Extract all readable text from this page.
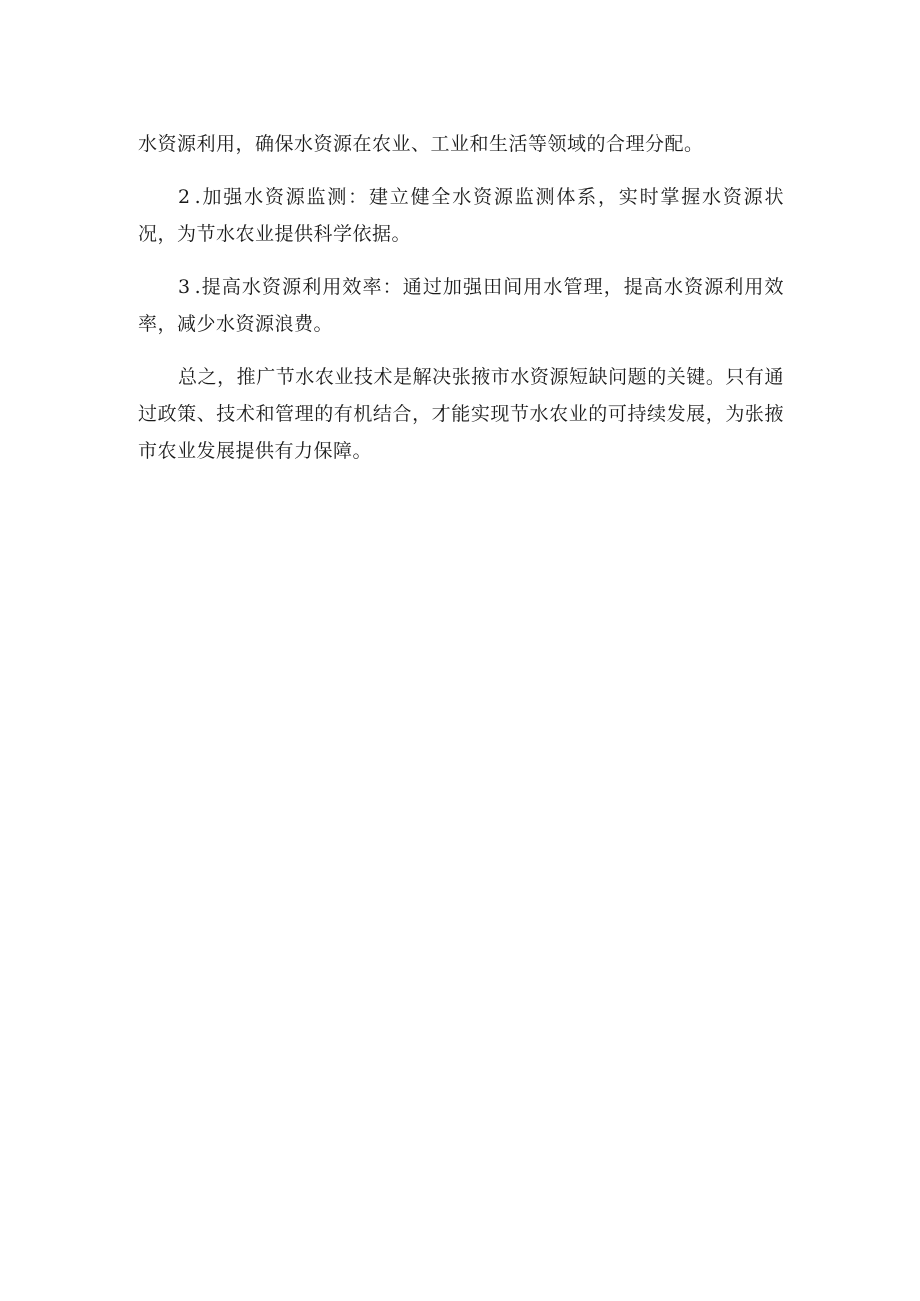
水资源利用，确保水资源在农业、工业和生活等领域的合理分配。

2 .加强水资源监测：建立健全水资源监测体系，实时掌握水资源状况，为节水农业提供科学依据。

3 .提高水资源利用效率：通过加强田间用水管理，提高水资源利用效率，减少水资源浪费。

总之，推广节水农业技术是解决张掖市水资源短缺问题的关键。只有通过政策、技术和管理的有机结合，才能实现节水农业的可持续发展，为张掖市农业发展提供有力保障。
